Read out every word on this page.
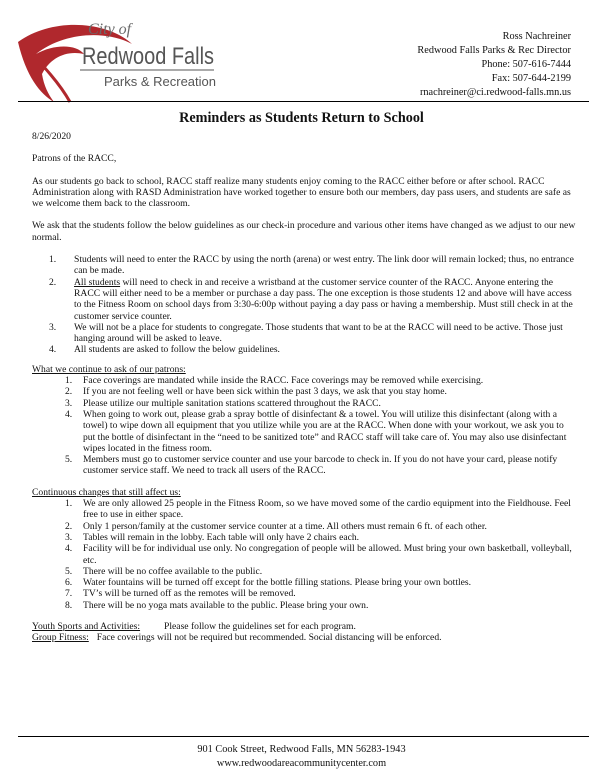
City of
Redwood Falls
Parks & Recreation
Ross Nachreiner
Redwood Falls Parks & Rec Director
Phone: 507-616-7444
Fax: 507-644-2199
rnachreiner@ci.redwood-falls.mn.us
Reminders as Students Return to School

8/26/2020

Patrons of the RACC,

As our students go back to school, RACC staff realize many students enjoy coming to the RACC either before or after school. RACC Administration along with RASD Administration have worked together to ensure both our members, day pass users, and students are safe as we welcome them back to the classroom.

We ask that the students follow the below guidelines as our check-in procedure and various other items have changed as we adjust to our new normal.

1.	Students will need to enter the RACC by using the north (arena) or west entry. The link door will remain locked; thus, no entrance can be made.
2.	All students will need to check in and receive a wristband at the customer service counter of the RACC. Anyone entering the RACC will either need to be a member or purchase a day pass. The one exception is those students 12 and above will have access to the Fitness Room on school days from 3:30-6:00p without paying a day pass or having a membership. Must still check in at the customer service counter.
3.	We will not be a place for students to congregate. Those students that want to be at the RACC will need to be active. Those just hanging around will be asked to leave.
4.	All students are asked to follow the below guidelines.

What we continue to ask of our patrons:

1.	Face coverings are mandated while inside the RACC. Face coverings may be removed while exercising.
2.	If you are not feeling well or have been sick within the past 3 days, we ask that you stay home.
3.	Please utilize our multiple sanitation stations scattered throughout the RACC.
4.	When going to work out, please grab a spray bottle of disinfectant & a towel. You will utilize this disinfectant (along with a towel) to wipe down all equipment that you utilize while you are at the RACC. When done with your workout, we ask you to put the bottle of disinfectant in the “need to be sanitized tote” and RACC staff will take care of. You may also use disinfectant wipes located in the fitness room.
5.	Members must go to customer service counter and use your barcode to check in. If you do not have your card, please notify customer service staff. We need to track all users of the RACC.

Continuous changes that still affect us:

1.	We are only allowed 25 people in the Fitness Room, so we have moved some of the cardio equipment into the Fieldhouse. Feel free to use in either space.
2.	Only 1 person/family at the customer service counter at a time. All others must remain 6 ft. of each other.
3.	Tables will remain in the lobby. Each table will only have 2 chairs each.
4.	Facility will be for individual use only. No congregation of people will be allowed. Must bring your own basketball, volleyball, etc.
5.	There will be no coffee available to the public.
6.	Water fountains will be turned off except for the bottle filling stations. Please bring your own bottles.
7.	TV’s will be turned off as the remotes will be removed.
8.	There will be no yoga mats available to the public. Please bring your own.

Youth Sports and Activities:	Please follow the guidelines set for each program.

Group Fitness: Face coverings will not be required but recommended. Social distancing will be enforced.

901 Cook Street, Redwood Falls, MN 56283-1943
www.redwoodareacommunitycenter.com
